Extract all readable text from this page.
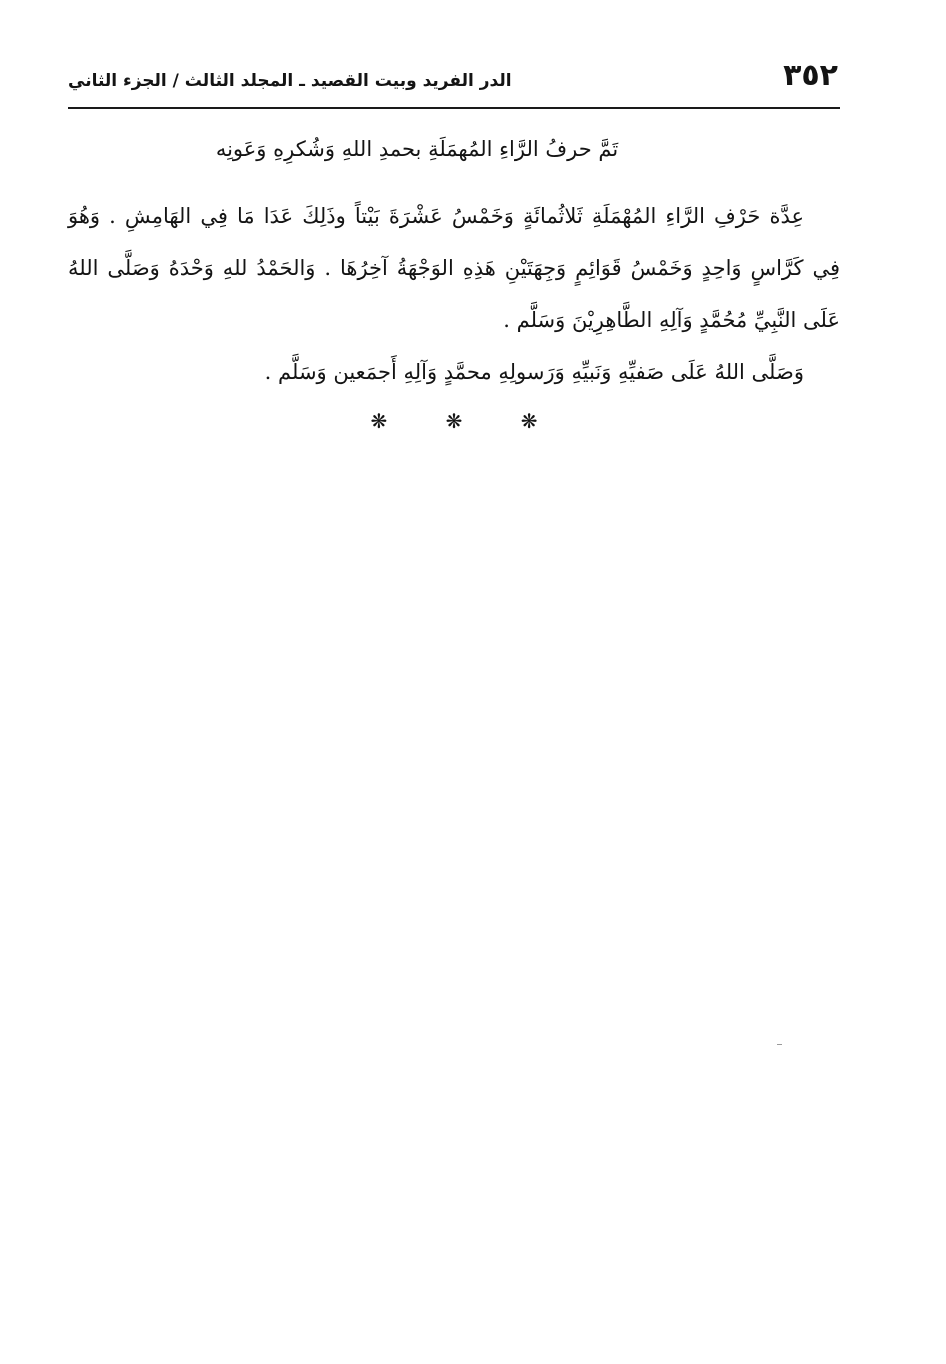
٣٥٢
الدر الفريد وبيت القصيد ـ المجلد الثالث / الجزء الثاني
تَمَّ حرفُ الرَّاءِ المُهمَلَةِ بحمدِ اللهِ وَشُكرِهِ وَعَونِه

عِدَّة حَرْفِ الرَّاءِ المُهْمَلَةِ ثَلاثُمائَةٍ وَخَمْسُ عَشْرَةَ بَيْتاً وذَلِكَ عَدَا مَا فِي الهَامِشِ . وَهُوَ فِي كَرَّاسٍ وَاحِدٍ وَخَمْسُ قَوَائِمٍ وَجِهَتَيْنِ هَذِهِ الوَجْهَةُ آخِرُهَا . وَالحَمْدُ للهِ وَحْدَهُ وَصَلَّى اللهُ عَلَى النَّبِيِّ مُحُمَّدٍ وَآلِهِ الطَّاهِرِيْنَ وَسَلَّم .

وَصَلَّى اللهُ عَلَى صَفيِّهِ وَنَبيِّهِ وَرَسولِهِ محمَّدٍ وَآلِهِ أَجمَعين وَسَلَّم .

❋ ❋ ❋
